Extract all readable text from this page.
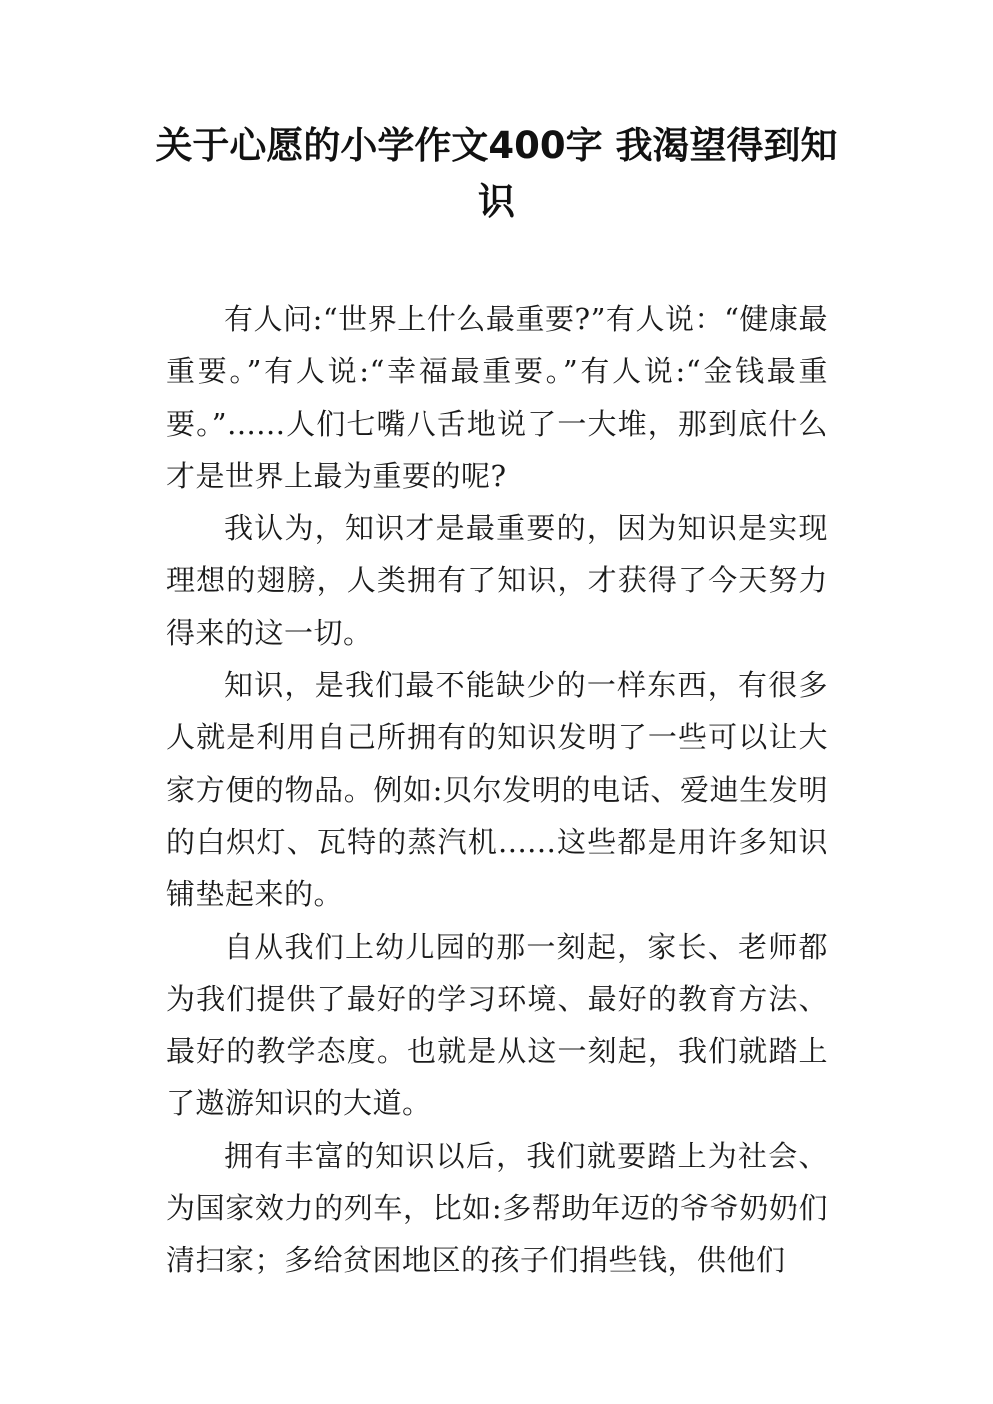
关于心愿的小学作文400字 我渴望得到知识

有人问:“世界上什么最重要?”有人说：“健康最重要。”有人说:“幸福最重要。”有人说:“金钱最重要。”......人们七嘴八舌地说了一大堆，那到底什么才是世界上最为重要的呢?

我认为，知识才是最重要的，因为知识是实现理想的翅膀，人类拥有了知识，才获得了今天努力得来的这一切。

知识，是我们最不能缺少的一样东西，有很多人就是利用自己所拥有的知识发明了一些可以让大家方便的物品。例如:贝尔发明的电话、爱迪生发明的白炽灯、瓦特的蒸汽机......这些都是用许多知识铺垫起来的。

自从我们上幼儿园的那一刻起，家长、老师都为我们提供了最好的学习环境、最好的教育方法、最好的教学态度。也就是从这一刻起，我们就踏上了遨游知识的大道。

拥有丰富的知识以后，我们就要踏上为社会、为国家效力的列车，比如:多帮助年迈的爷爷奶奶们清扫家；多给贫困地区的孩子们捐些钱，供他们
